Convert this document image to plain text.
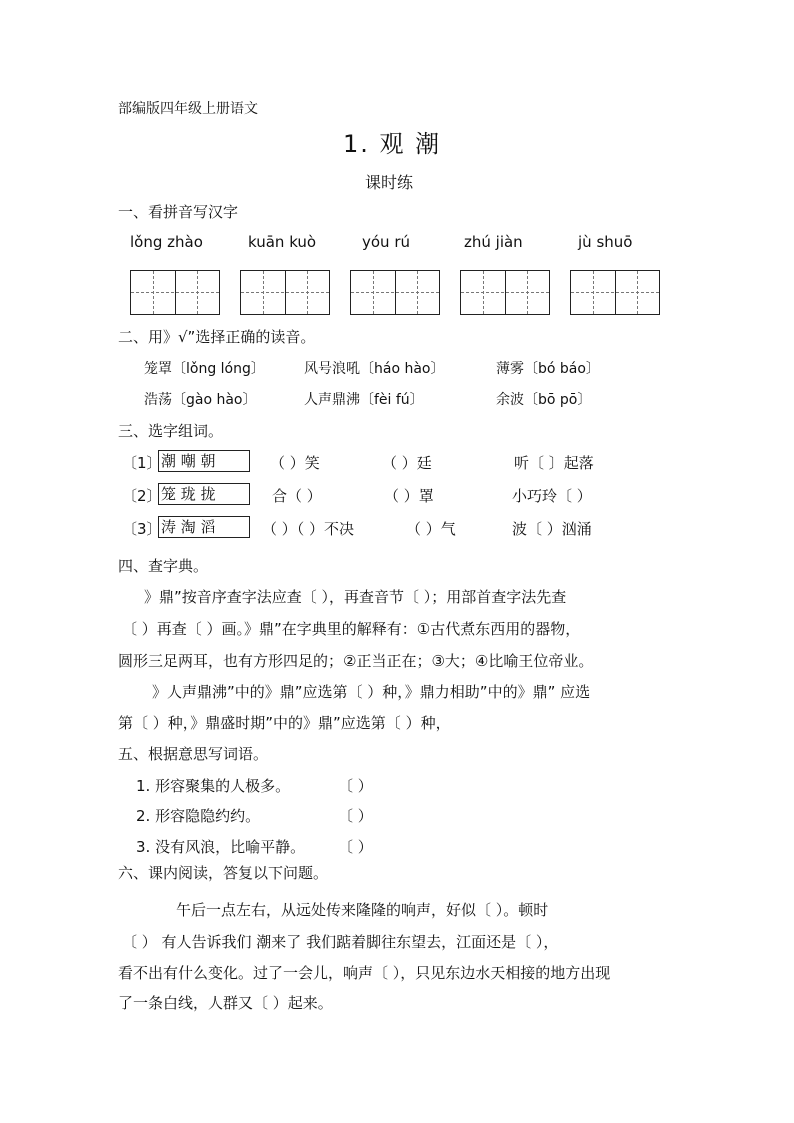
部编版四年级上册语文
1. 观 潮
课时练
一、看拼音写汉字
lǒng zhào	kuān kuò	yóu rú	zhú jiàn	jù shuō
二、用》√”选择正确的读音。
笼罩〔lǒng lóng〕	风号浪吼〔háo hào〕	薄雾〔bó báo〕
浩荡〔gào hào〕	人声鼎沸〔fèi fú〕	余波〔bō pō〕
三、选字组词。
〔1〕 潮 嘲 朝	（ ）笑	（ ）廷	听〔 〕起落
〔2〕 笼 珑 拢	合（ ）	（ ）罩	小巧玲〔 ）
〔3〕 涛 淘 滔	（ ）（ ）不决	（ ）气	波〔 ）汹涌
四、查字典。
》鼎”按音序查字法应查〔 ），再查音节〔 ）；用部首查字法先查
〔 ）再查〔 ）画。》鼎”在字典里的解释有：①古代煮东西用的器物，
圆形三足两耳，也有方形四足的；②正当正在；③大；④比喻王位帝业。
》人声鼎沸”中的》鼎”应选第〔 ）种，》鼎力相助”中的》鼎” 应选
第〔 ）种，》鼎盛时期”中的》鼎”应选第〔 ）种，
五、根据意思写词语。
1. 形容聚集的人极多。	〔 ）
2. 形容隐隐约约。	〔 ）
3. 没有风浪，比喻平静。 〔 ）
六、课内阅读，答复以下问题。
午后一点左右，从远处传来隆隆的响声，好似〔 ）。顿时
〔 ） 有人告诉我们 潮来了 我们踮着脚往东望去，江面还是〔 ），
看不出有什么变化。过了一会儿，响声〔 ），只见东边水天相接的地方出现
了一条白线，人群又〔 ）起来。
